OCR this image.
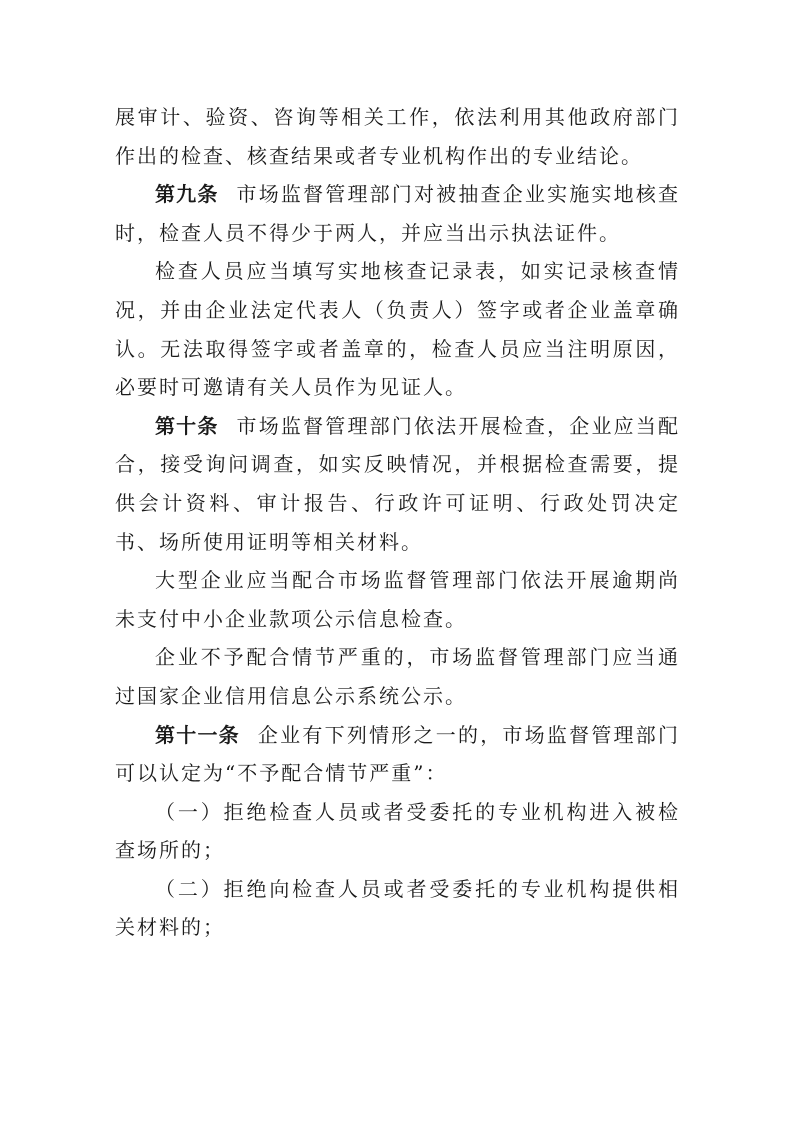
展审计、验资、咨询等相关工作，依法利用其他政府部门作出的检查、核查结果或者专业机构作出的专业结论。

第九条 市场监督管理部门对被抽查企业实施实地核查时，检查人员不得少于两人，并应当出示执法证件。

检查人员应当填写实地核查记录表，如实记录核查情况，并由企业法定代表人（负责人）签字或者企业盖章确认。无法取得签字或者盖章的，检查人员应当注明原因，必要时可邀请有关人员作为见证人。

第十条 市场监督管理部门依法开展检查，企业应当配合，接受询问调查，如实反映情况，并根据检查需要，提供会计资料、审计报告、行政许可证明、行政处罚决定书、场所使用证明等相关材料。

大型企业应当配合市场监督管理部门依法开展逾期尚未支付中小企业款项公示信息检查。

企业不予配合情节严重的，市场监督管理部门应当通过国家企业信用信息公示系统公示。

第十一条 企业有下列情形之一的，市场监督管理部门可以认定为“不予配合情节严重”：

（一）拒绝检查人员或者受委托的专业机构进入被检查场所的；

（二）拒绝向检查人员或者受委托的专业机构提供相关材料的；
